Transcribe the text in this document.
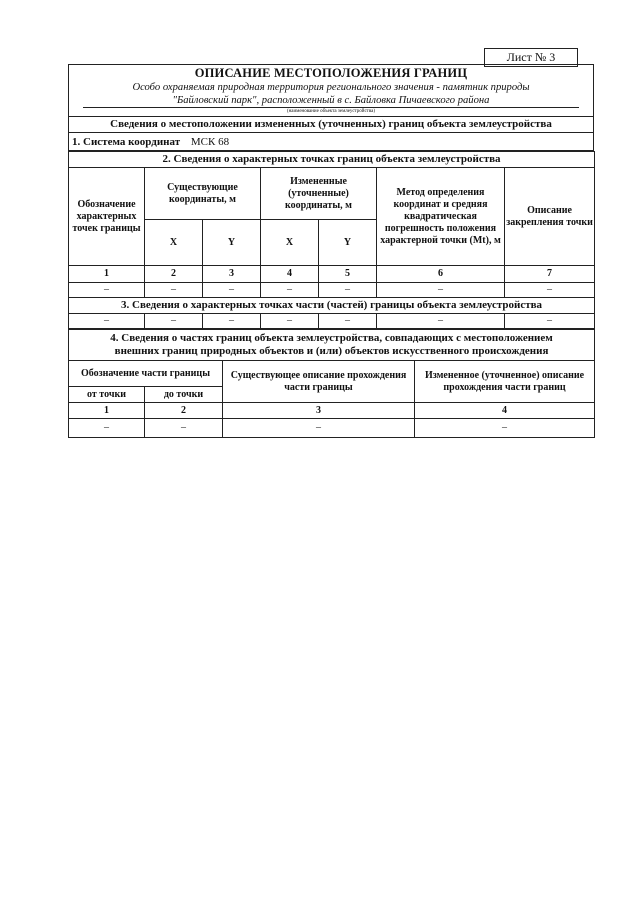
Лист № 3
ОПИСАНИЕ МЕСТОПОЛОЖЕНИЯ ГРАНИЦ
Особо охраняемая природная территория регионального значения - памятник природы
"Байловский парк", расположенный в с. Байловка Пичаевского района
(наименование объекта землеустройства)
Сведения о местоположении измененных (уточненных) границ объекта землеустройства
1. Система координат МСК 68
2. Сведения о характерных точках границ объекта землеустройства						
Обозначение характерных точек границы	Существующие координаты, м		Измененные (уточненные) координаты, м		Метод определения координат и средняя квадратическая погрешность положения характерной точки (Mt), м	Описание закрепления точки
	X	Y	X	Y		
1	2	3	4	5	6	7
–	–	–	–	–	–	–
3. Сведения о характерных точках части (частей) границы объекта землеустройства						
–	–	–	–	–	–	–
4. Сведения о частях границ объекта землеустройства, совпадающих с местоположением
внешних границ природных объектов и (или) объектов искусственного происхождения			

Обозначение части границы		Существующее описание прохождения части границы	Измененное (уточненное) описание прохождения части границ
от точки	до точки		
1	2	3	4
–	–	–	–
